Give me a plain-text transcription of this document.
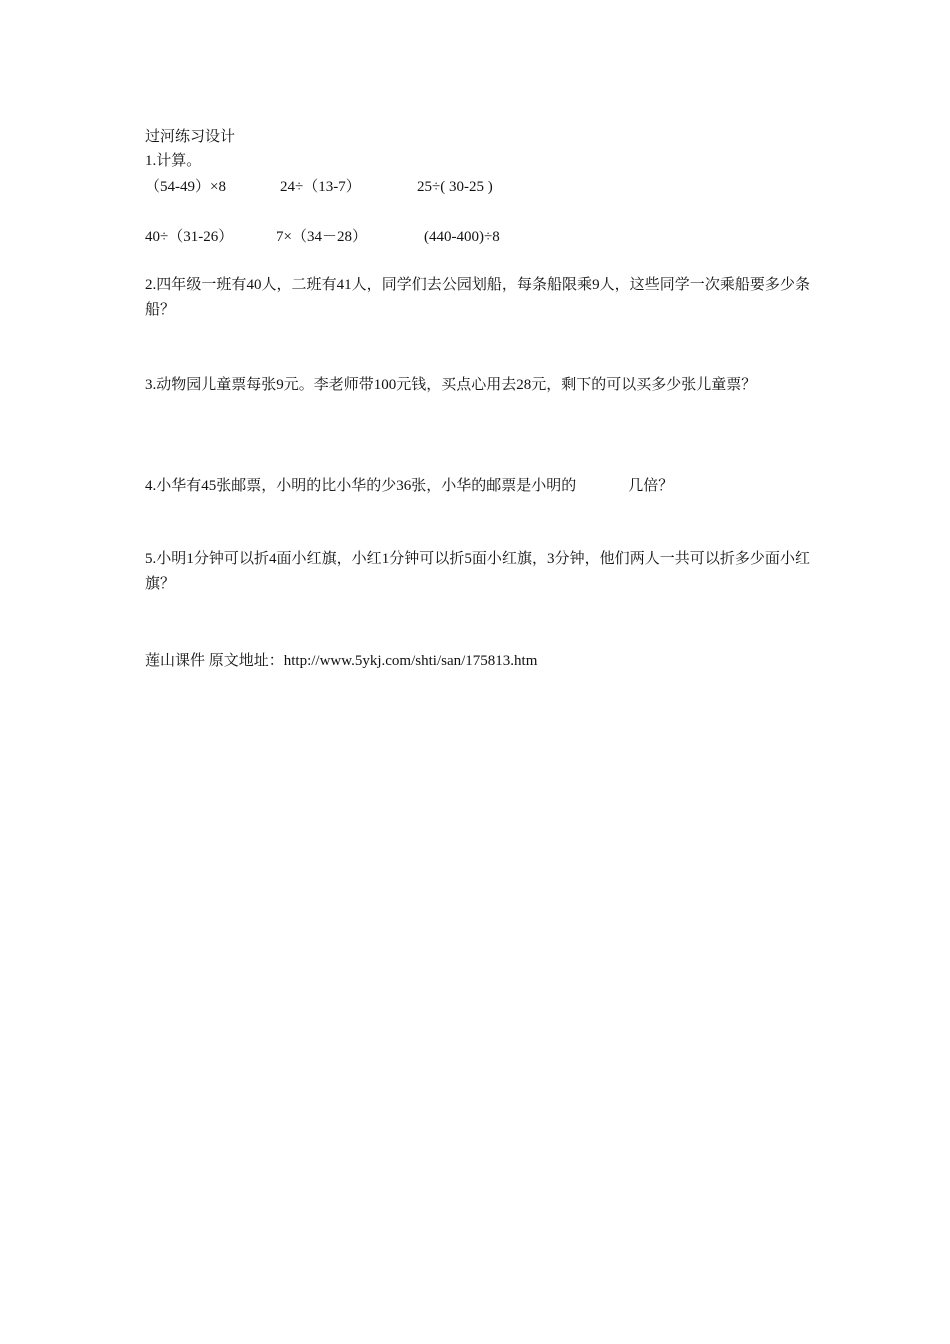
过河练习设计
1.计算。
（54-49）×8	24÷（13-7）	25÷( 30-25 )
40÷（31-26）	7×（34－28）	(440-400)÷8
2.四年级一班有40人，二班有41人，同学们去公园划船，每条船限乘9人，这些同学一次乘船要多少条船？
3.动物园儿童票每张9元。李老师带100元钱，买点心用去28元，剩下的可以买多少张儿童票？
4.小华有45张邮票，小明的比小华的少36张，小华的邮票是小明的	几倍？
5.小明1分钟可以折4面小红旗，小红1分钟可以折5面小红旗，3分钟，他们两人一共可以折多少面小红旗？
莲山课件 原文地址：http://www.5ykj.com/shti/san/175813.htm
